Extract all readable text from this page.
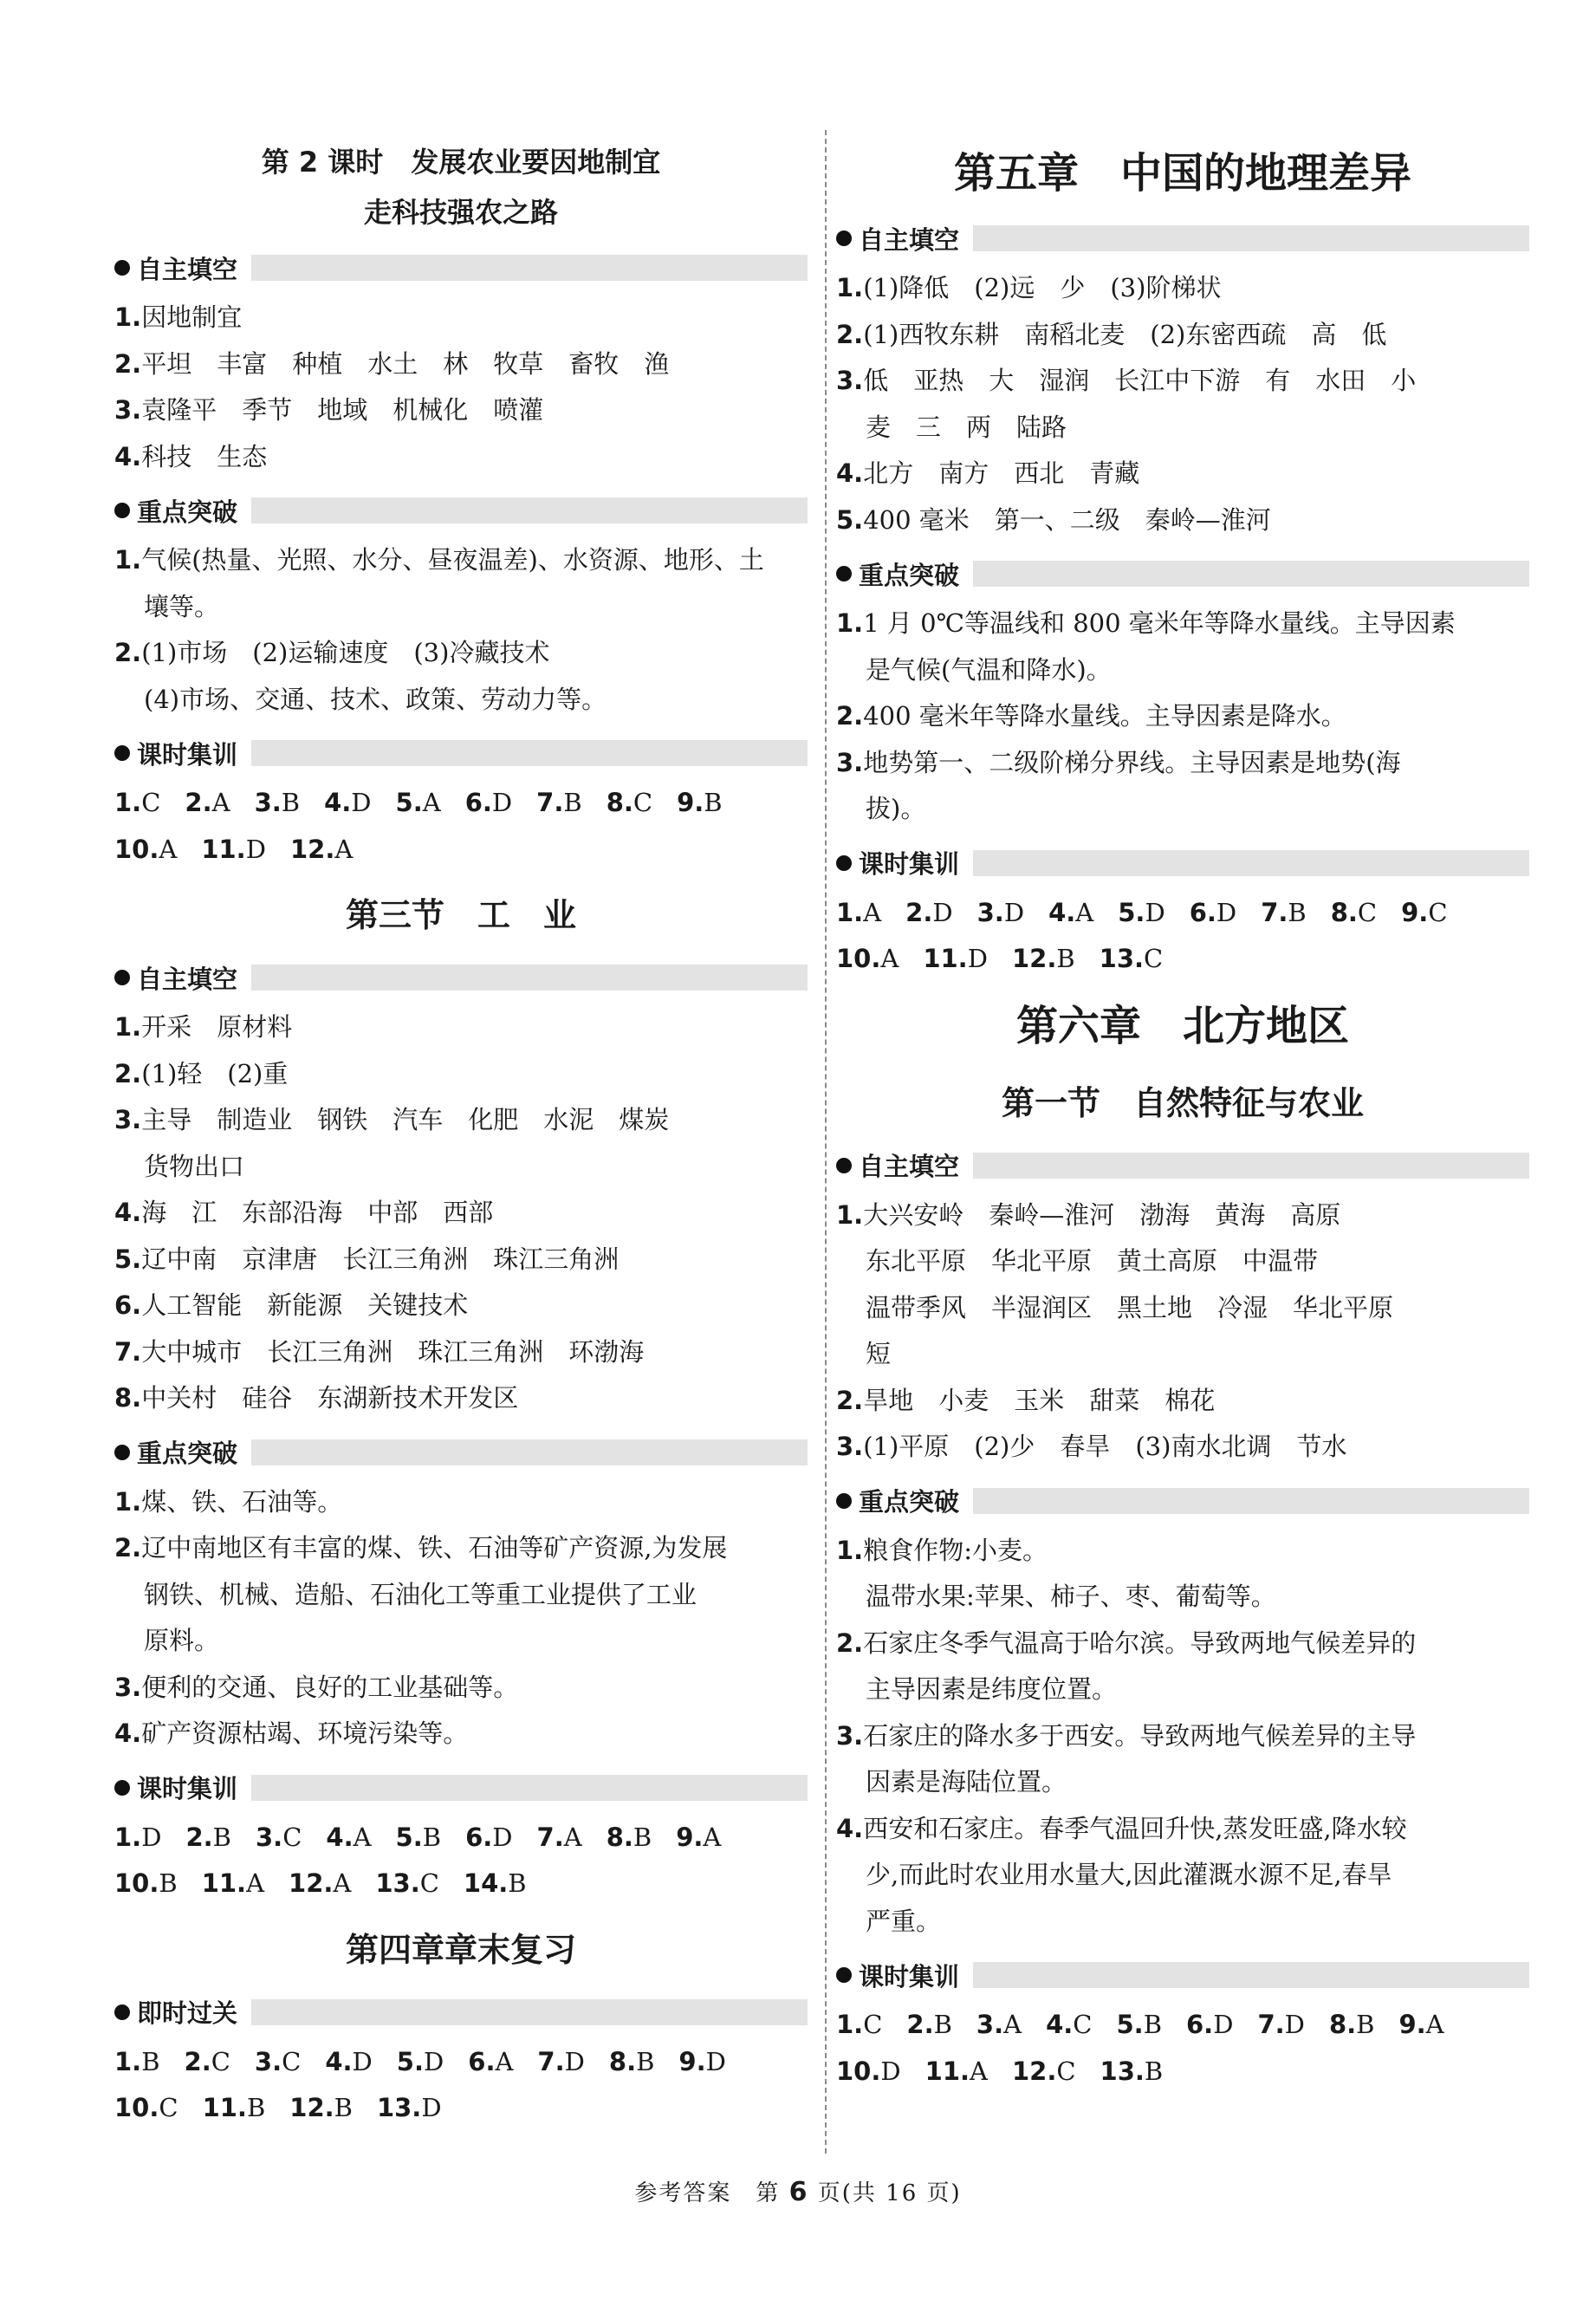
第 2 课时　发展农业要因地制宜
走科技强农之路
自主填空
1.因地制宜
2.平坦　丰富　种植　水土　林　牧草　畜牧　渔
3.袁隆平　季节　地域　机械化　喷灌
4.科技　生态
重点突破
1.气候(热量、光照、水分、昼夜温差)、水资源、地形、土
壤等。
2.(1)市场　(2)运输速度　(3)冷藏技术
(4)市场、交通、技术、政策、劳动力等。
课时集训
1.C 2.A 3.B 4.D 5.A 6.D 7.B 8.C 9.B
10.A 11.D 12.A
第三节　工　业
自主填空
1.开采　原材料
2.(1)轻　(2)重
3.主导　制造业　钢铁　汽车　化肥　水泥　煤炭
货物出口
4.海　江　东部沿海　中部　西部
5.辽中南　京津唐　长江三角洲　珠江三角洲
6.人工智能　新能源　关键技术
7.大中城市　长江三角洲　珠江三角洲　环渤海
8.中关村　硅谷　东湖新技术开发区
重点突破
1.煤、铁、石油等。
2.辽中南地区有丰富的煤、铁、石油等矿产资源,为发展
钢铁、机械、造船、石油化工等重工业提供了工业
原料。
3.便利的交通、良好的工业基础等。
4.矿产资源枯竭、环境污染等。
课时集训
1.D 2.B 3.C 4.A 5.B 6.D 7.A 8.B 9.A
10.B 11.A 12.A 13.C 14.B
第四章章末复习
即时过关
1.B 2.C 3.C 4.D 5.D 6.A 7.D 8.B 9.D
10.C 11.B 12.B 13.D
第五章　中国的地理差异
自主填空
1.(1)降低　(2)远　少　(3)阶梯状
2.(1)西牧东耕　南稻北麦　(2)东密西疏　高　低
3.低　亚热　大　湿润　长江中下游　有　水田　小
麦　三　两　陆路
4.北方　南方　西北　青藏
5.400 毫米　第一、二级　秦岭—淮河
重点突破
1.1 月 0℃等温线和 800 毫米年等降水量线。主导因素
是气候(气温和降水)。
2.400 毫米年等降水量线。主导因素是降水。
3.地势第一、二级阶梯分界线。主导因素是地势(海
拔)。
课时集训
1.A 2.D 3.D 4.A 5.D 6.D 7.B 8.C 9.C
10.A 11.D 12.B 13.C
第六章　北方地区
第一节　自然特征与农业
自主填空
1.大兴安岭　秦岭—淮河　渤海　黄海　高原
东北平原　华北平原　黄土高原　中温带
温带季风　半湿润区　黑土地　冷湿　华北平原
短
2.旱地　小麦　玉米　甜菜　棉花
3.(1)平原　(2)少　春旱　(3)南水北调　节水
重点突破
1.粮食作物:小麦。
温带水果:苹果、柿子、枣、葡萄等。
2.石家庄冬季气温高于哈尔滨。导致两地气候差异的
主导因素是纬度位置。
3.石家庄的降水多于西安。导致两地气候差异的主导
因素是海陆位置。
4.西安和石家庄。春季气温回升快,蒸发旺盛,降水较
少,而此时农业用水量大,因此灌溉水源不足,春旱
严重。
课时集训
1.C 2.B 3.A 4.C 5.B 6.D 7.D 8.B 9.A
10.D 11.A 12.C 13.B
参考答案　第 6 页(共 16 页)
